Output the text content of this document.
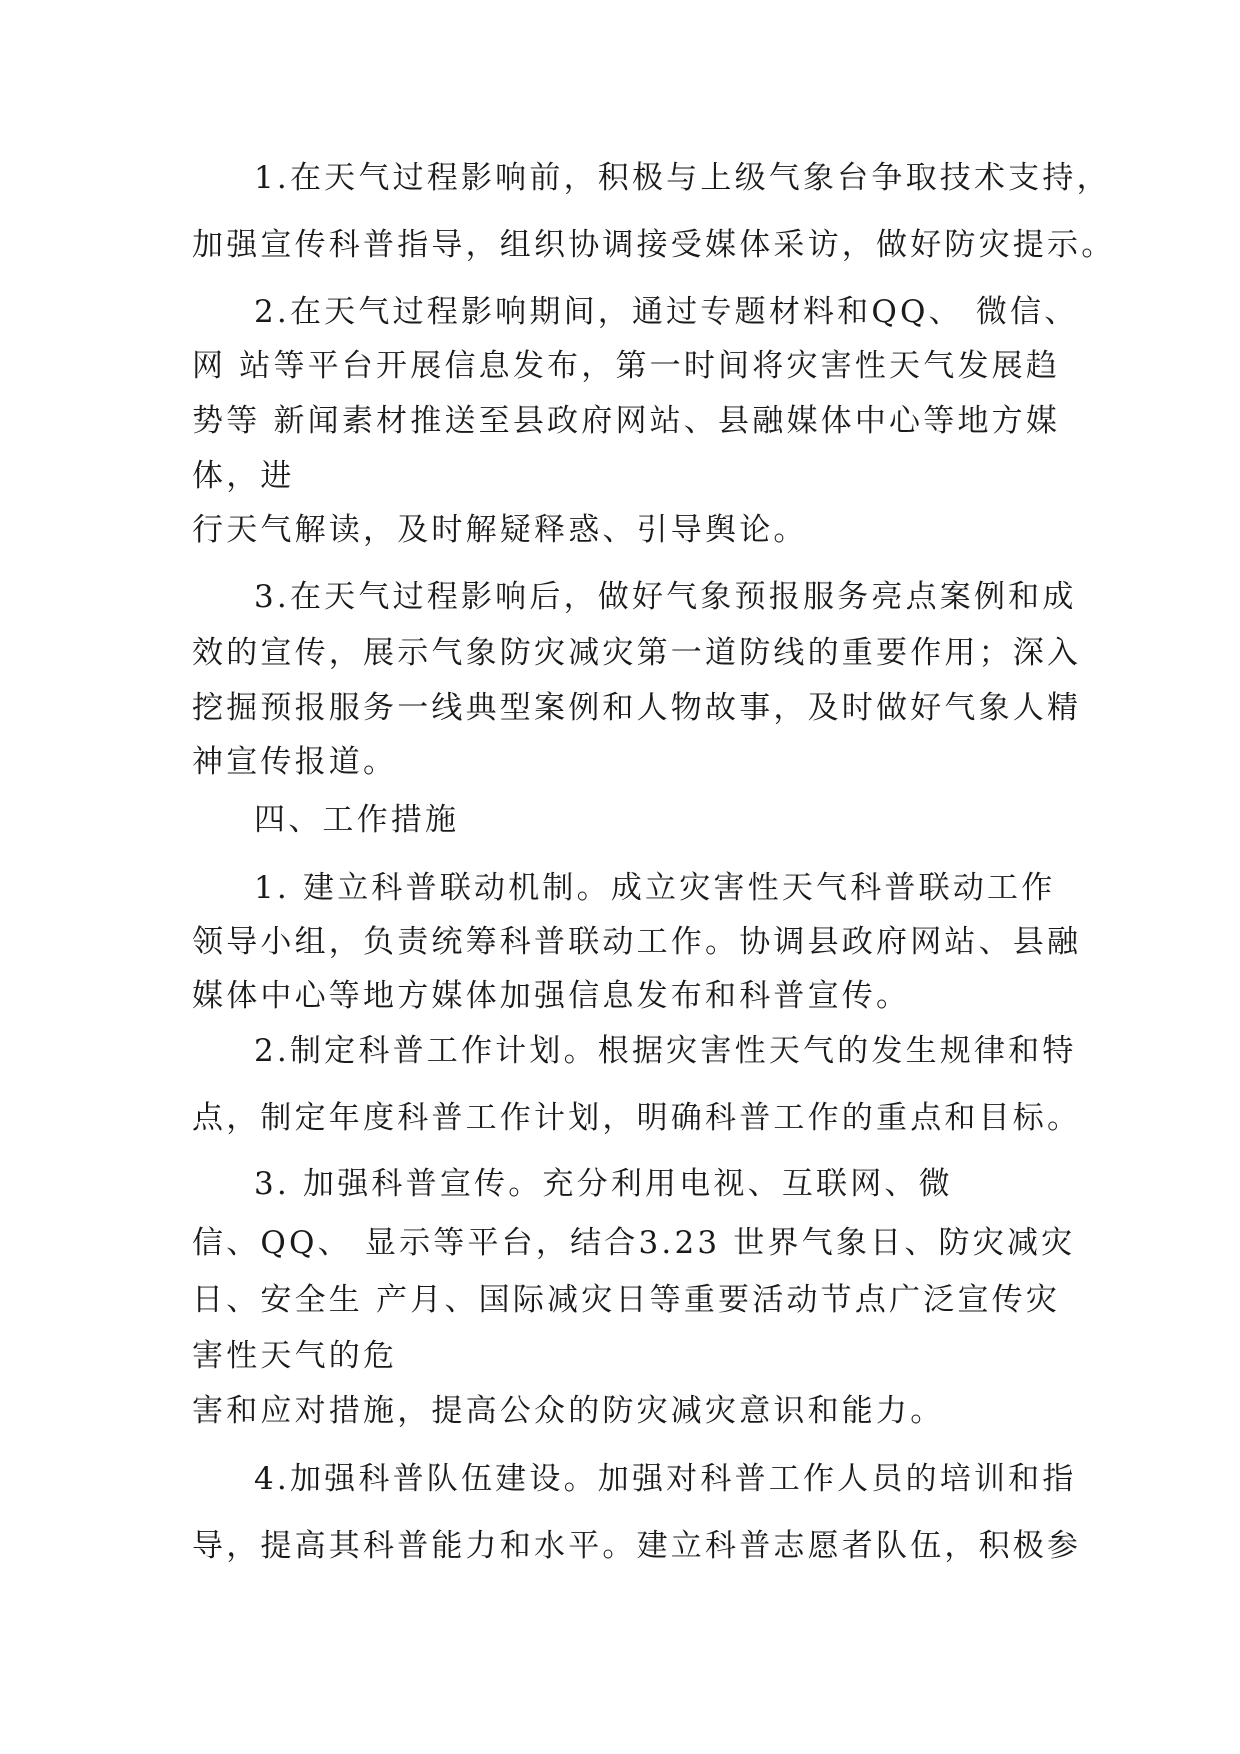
1.在天气过程影响前，积极与上级气象台争取技术支持，
加强宣传科普指导，组织协调接受媒体采访，做好防灾提示。
2.在天气过程影响期间，通过专题材料和QQ、 微信、
网 站等平台开展信息发布，第一时间将灾害性天气发展趋
势等 新闻素材推送至县政府网站、县融媒体中心等地方媒
体，进
行天气解读，及时解疑释惑、引导舆论。
3.在天气过程影响后，做好气象预报服务亮点案例和成
效的宣传，展示气象防灾减灾第一道防线的重要作用；深入
挖掘预报服务一线典型案例和人物故事，及时做好气象人精
神宣传报道。
四、工作措施
1. 建立科普联动机制。成立灾害性天气科普联动工作
领导小组，负责统筹科普联动工作。协调县政府网站、县融
媒体中心等地方媒体加强信息发布和科普宣传。
2.制定科普工作计划。根据灾害性天气的发生规律和特
点，制定年度科普工作计划，明确科普工作的重点和目标。
3. 加强科普宣传。充分利用电视、互联网、微
信、QQ、 显示等平台，结合3.23 世界气象日、防灾减灾
日、安全生 产月、国际减灾日等重要活动节点广泛宣传灾
害性天气的危
害和应对措施，提高公众的防灾减灾意识和能力。
4.加强科普队伍建设。加强对科普工作人员的培训和指
导，提高其科普能力和水平。建立科普志愿者队伍，积极参
